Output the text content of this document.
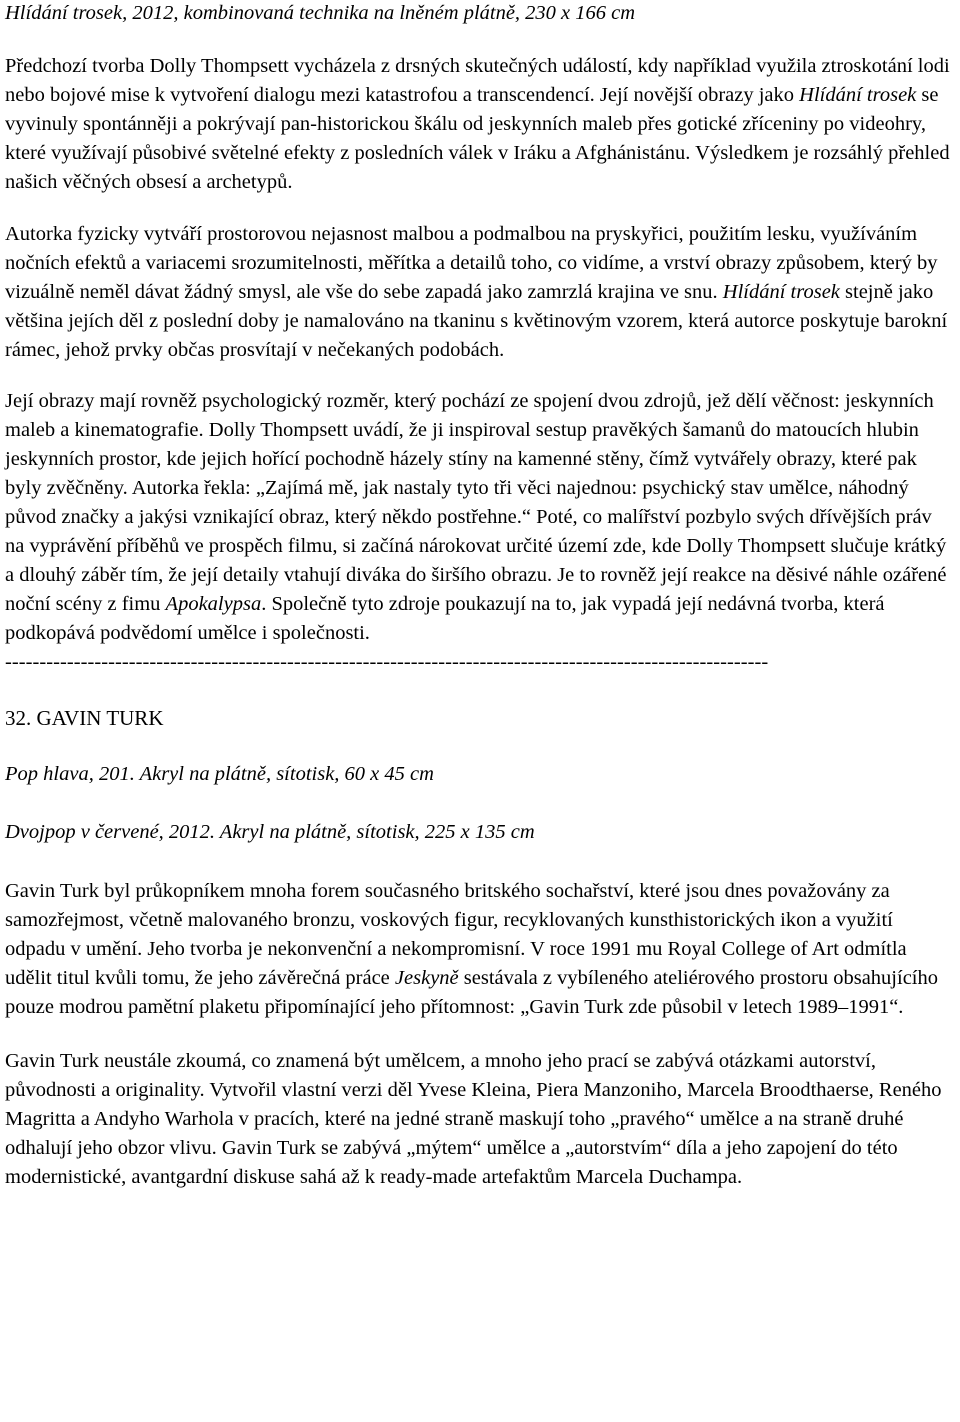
Hlídání trosek, 2012, kombinovaná technika na lněném plátně, 230 x 166 cm

Předchozí tvorba Dolly Thompsett vycházela z drsných skutečných událostí, kdy například využila ztroskotání lodi nebo bojové mise k vytvoření dialogu mezi katastrofou a transcendencí. Její novější obrazy jako Hlídání trosek se vyvinuly spontánněji a pokrývají pan-historickou škálu od jeskynních maleb přes gotické zříceniny po videohry, které využívají působivé světelné efekty z posledních válek v Iráku a Afghánistánu. Výsledkem je rozsáhlý přehled našich věčných obsesí a archetypů.

Autorka fyzicky vytváří prostorovou nejasnost malbou a podmalbou na pryskyřici, použitím lesku, využíváním nočních efektů a variacemi srozumitelnosti, měřítka a detailů toho, co vidíme, a vrství obrazy způsobem, který by vizuálně neměl dávat žádný smysl, ale vše do sebe zapadá jako zamrzlá krajina ve snu. Hlídání trosek stejně jako většina jejích děl z poslední doby je namalováno na tkaninu s květinovým vzorem, která autorce poskytuje barokní rámec, jehož prvky občas prosvítají v nečekaných podobách.

Její obrazy mají rovněž psychologický rozměr, který pochází ze spojení dvou zdrojů, jež dělí věčnost: jeskynních maleb a kinematografie. Dolly Thompsett uvádí, že ji inspiroval sestup pravěkých šamanů do matoucích hlubin jeskynních prostor, kde jejich hořící pochodně házely stíny na kamenné stěny, čímž vytvářely obrazy, které pak byly zvěčněny. Autorka řekla: „Zajímá mě, jak nastaly tyto tři věci najednou: psychický stav umělce, náhodný původ značky a jakýsi vznikající obraz, který někdo postřehne.“ Poté, co malířství pozbylo svých dřívějších práv na vyprávění příběhů ve prospěch filmu, si začíná nárokovat určité území zde, kde Dolly Thompsett slučuje krátký a dlouhý záběr tím, že její detaily vtahují diváka do širšího obrazu. Je to rovněž její reakce na děsivé náhle ozářené noční scény z fimu Apokalypsa. Společně tyto zdroje poukazují na to, jak vypadá její nedávná tvorba, která podkopává podvědomí umělce i společnosti.

---------------------------------------------------------------------------------------------------------------

32. GAVIN TURK

Pop hlava, 201. Akryl na plátně, sítotisk, 60 x 45 cm

Dvojpop v červené, 2012. Akryl na plátně, sítotisk, 225 x 135 cm

Gavin Turk byl průkopníkem mnoha forem současného britského sochařství, které jsou dnes považovány za samozřejmost, včetně malovaného bronzu, voskových figur, recyklovaných kunsthistorických ikon a využití odpadu v umění. Jeho tvorba je nekonvenční a nekompromisní. V roce 1991 mu Royal College of Art odmítla udělit titul kvůli tomu, že jeho závěrečná práce Jeskyně sestávala z vybíleného ateliérového prostoru obsahujícího pouze modrou pamětní plaketu připomínající jeho přítomnost: „Gavin Turk zde působil v letech 1989–1991“.

Gavin Turk neustále zkoumá, co znamená být umělcem, a mnoho jeho prací se zabývá otázkami autorství, původnosti a originality. Vytvořil vlastní verzi děl Yvese Kleina, Piera Manzoniho, Marcela Broodthaerse, Reného Magritta a Andyho Warhola v pracích, které na jedné straně maskují toho „pravého“ umělce a na straně druhé odhalují jeho obzor vlivu. Gavin Turk se zabývá „mýtem“ umělce a „autorstvím“ díla a jeho zapojení do této modernistické, avantgardní diskuse sahá až k ready-made artefaktům Marcela Duchampa.
